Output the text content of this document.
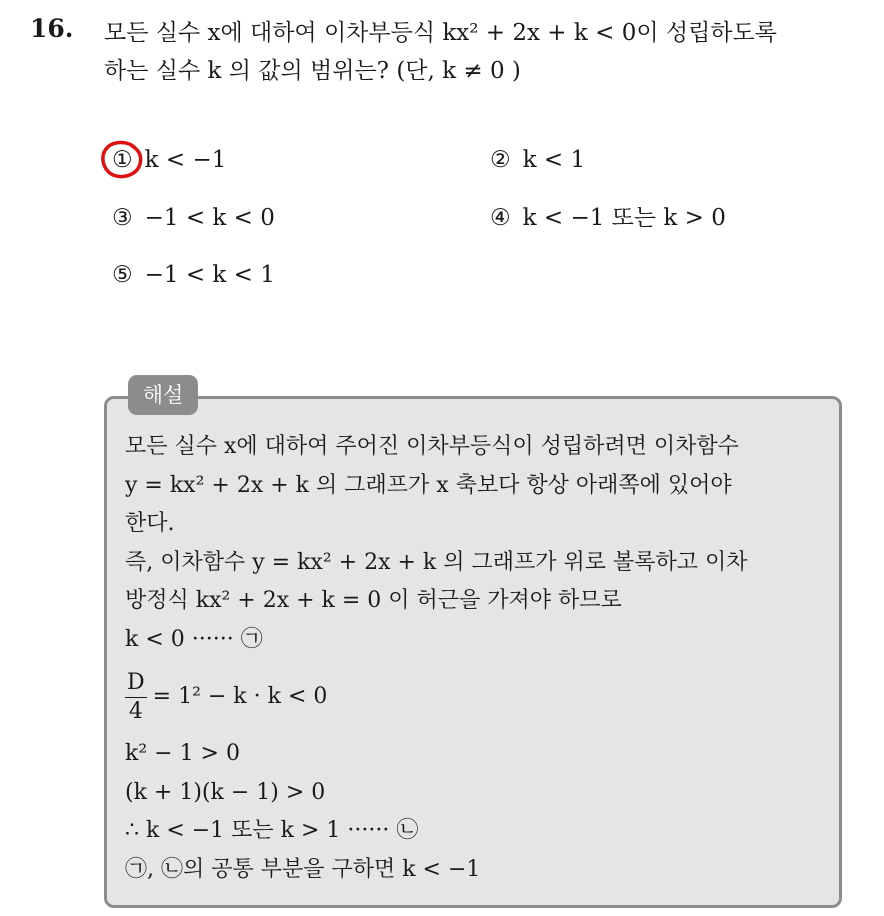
16. 모든 실수 x에 대하여 이차부등식 kx² + 2x + k < 0이 성립하도록
하는 실수 k 의 값의 범위는? (단, k ≠ 0 )
① k < −1	② k < 1
③ −1 < k < 0	④ k < −1 또는 k > 0
⑤ −1 < k < 1
해설
모든 실수 x에 대하여 주어진 이차부등식이 성립하려면 이차함수
y = kx² + 2x + k 의 그래프가 x 축보다 항상 아래쪽에 있어야
한다.
즉, 이차함수 y = kx² + 2x + k 의 그래프가 위로 볼록하고 이차
방정식 kx² + 2x + k = 0 이 허근을 가져야 하므로
k < 0 ······ ㉠
$\frac{D}{4} = 1^2 - k \cdot k < 0$
k² − 1 > 0
(k + 1)(k − 1) > 0
∴ k < −1 또는 k > 1 ······ ㉡
㉠, ㉡의 공통 부분을 구하면 k < −1
